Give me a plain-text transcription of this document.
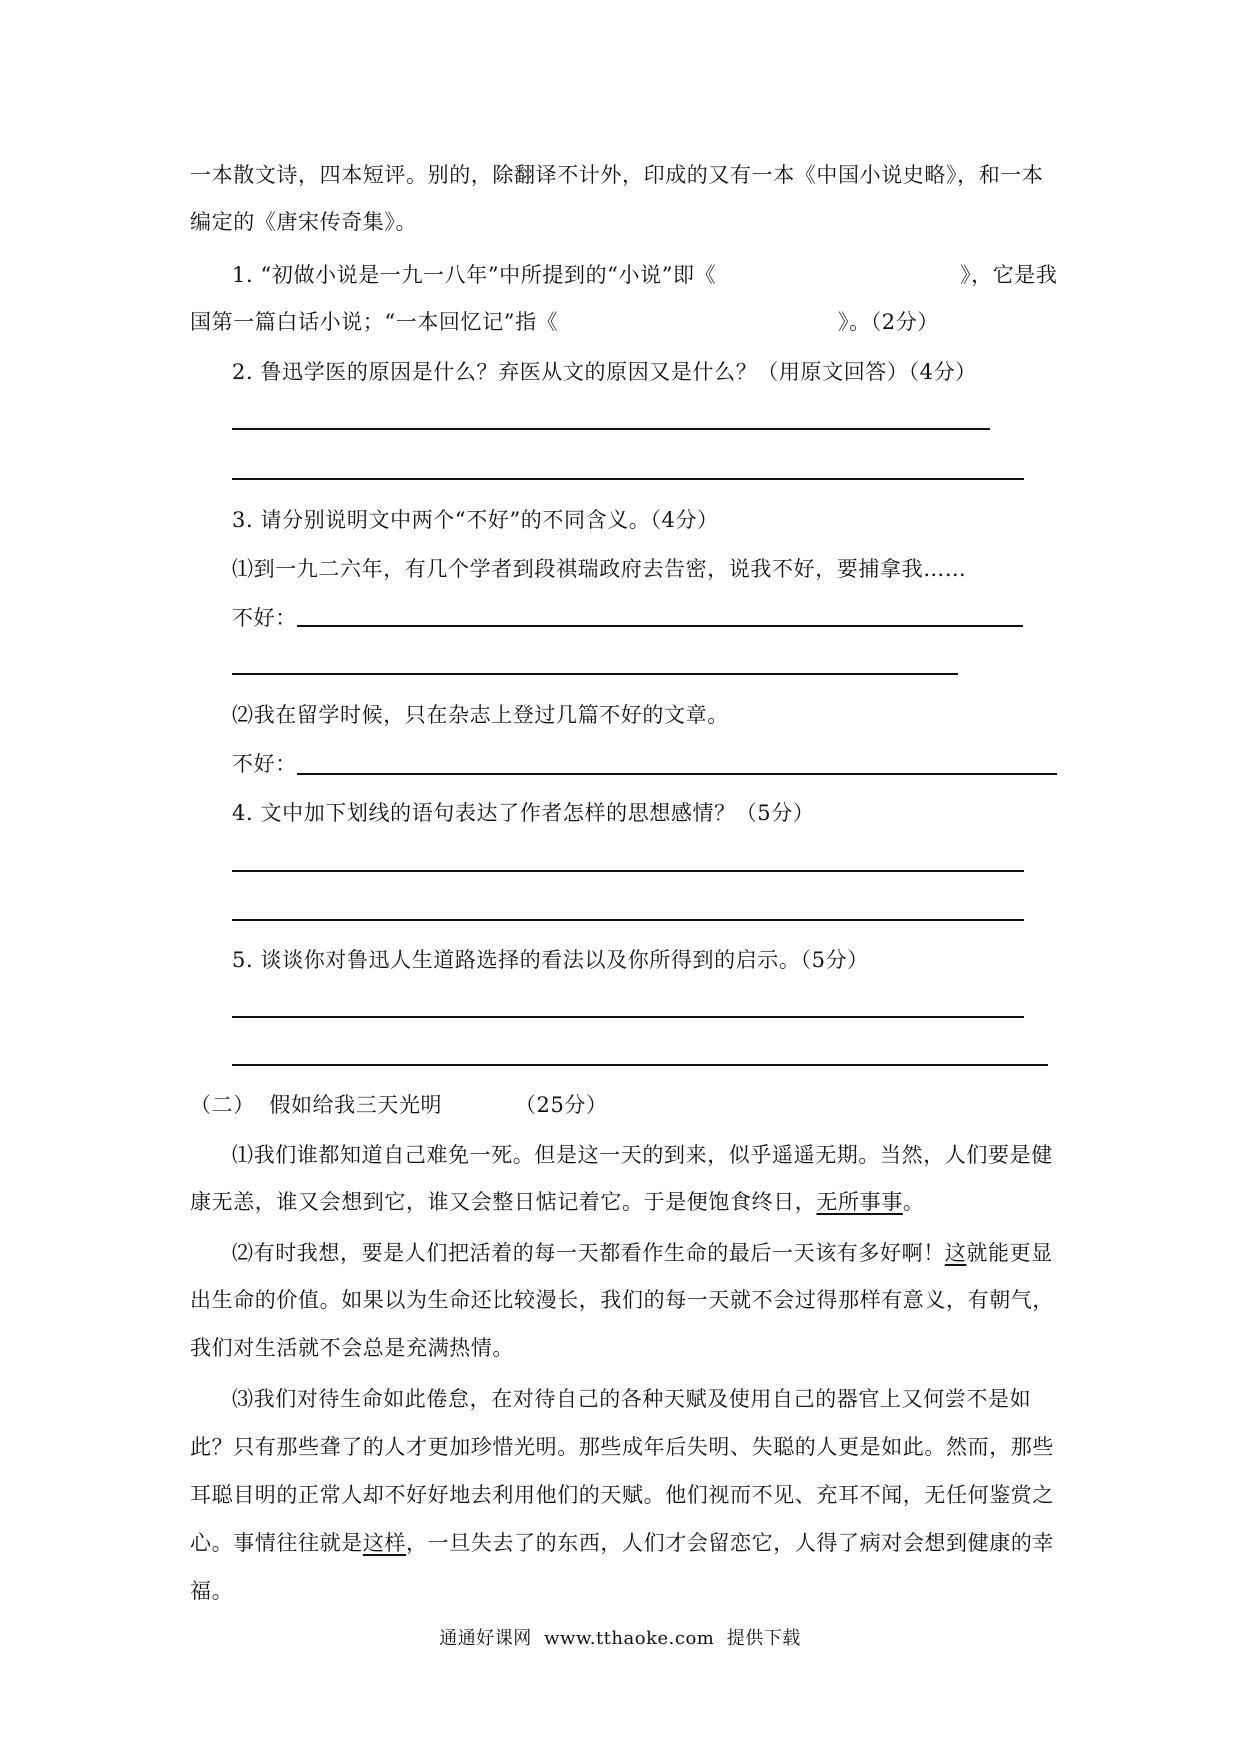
一本散文诗，四本短评。别的，除翻译不计外，印成的又有一本《中国小说史略》，和一本
编定的《唐宋传奇集》。
1. “初做小说是一九一八年”中所提到的“小说”即《	》，它是我
国第一篇白话小说；“一本回忆记”指《	》。（2分）
2. 鲁迅学医的原因是什么？弃医从文的原因又是什么？（用原文回答）（4分）
3. 请分别说明文中两个“不好”的不同含义。（4分）
⑴到一九二六年，有几个学者到段祺瑞政府去告密，说我不好，要捕拿我……
不好：
⑵我在留学时候，只在杂志上登过几篇不好的文章。
不好：
4. 文中加下划线的语句表达了作者怎样的思想感情？（5分）
5. 谈谈你对鲁迅人生道路选择的看法以及你所得到的启示。（5分）
（二）  假如给我三天光明          （25分）
⑴我们谁都知道自己难免一死。但是这一天的到来，似乎遥遥无期。当然，人们要是健
康无恙，谁又会想到它，谁又会整日惦记着它。于是便饱食终日，无所事事。
⑵有时我想，要是人们把活着的每一天都看作生命的最后一天该有多好啊！这就能更显
出生命的价值。如果以为生命还比较漫长，我们的每一天就不会过得那样有意义，有朝气，
我们对生活就不会总是充满热情。
⑶我们对待生命如此倦怠，在对待自己的各种天赋及使用自己的器官上又何尝不是如
此？只有那些聋了的人才更加珍惜光明。那些成年后失明、失聪的人更是如此。然而，那些
耳聪目明的正常人却不好好地去利用他们的天赋。他们视而不见、充耳不闻，无任何鉴赏之
心。事情往往就是这样，一旦失去了的东西，人们才会留恋它，人得了病对会想到健康的幸
福。
通通好课网  www.tthaoke.com  提供下载
